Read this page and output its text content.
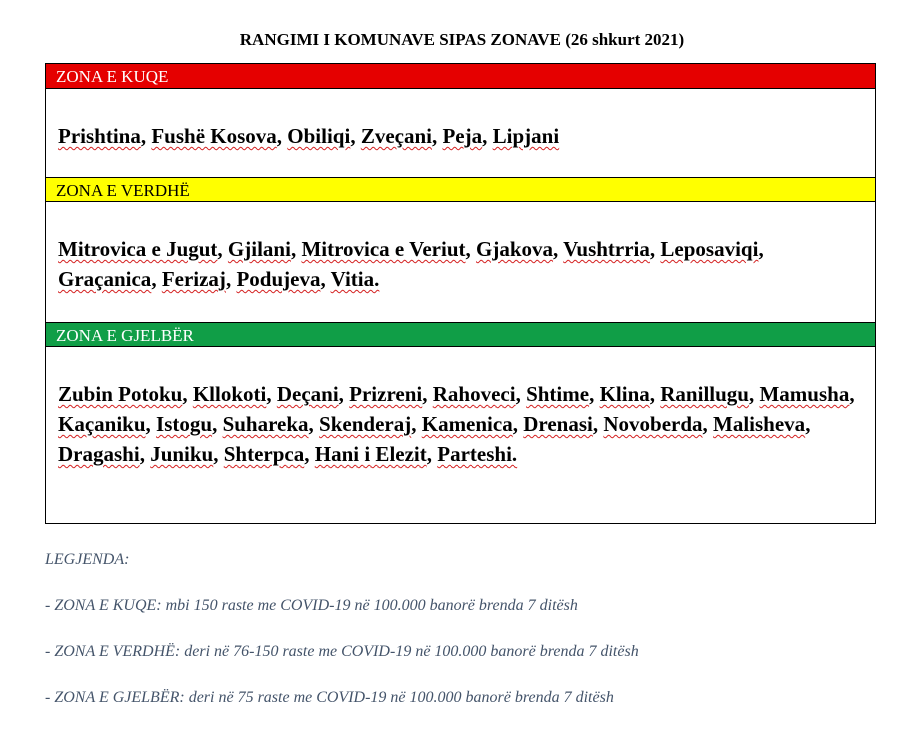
RANGIMI I KOMUNAVE SIPAS ZONAVE (26 shkurt 2021)
ZONA E KUQE
Prishtina, Fushë Kosova, Obiliqi, Zveçani, Peja, Lipjani
ZONA E VERDHË
Mitrovica e Jugut, Gjilani, Mitrovica e Veriut, Gjakova, Vushtrria, Leposaviqi, Graçanica, Ferizaj, Podujeva, Vitia.
ZONA E GJELBËR
Zubin Potoku, Kllokoti, Deçani, Prizreni, Rahoveci, Shtime, Klina, Ranillugu, Mamusha, Kaçaniku, Istogu, Suhareka, Skenderaj, Kamenica, Drenasi, Novoberda, Malisheva, Dragashi, Juniku, Shterpca, Hani i Elezit, Parteshi.
LEGJENDA:
- ZONA E KUQE: mbi 150 raste me COVID-19 në 100.000 banorë brenda 7 ditësh
- ZONA E VERDHË: deri në 76-150 raste me COVID-19 në 100.000 banorë brenda 7 ditësh
- ZONA E GJELBËR: deri në 75 raste me COVID-19 në 100.000 banorë brenda 7 ditësh
